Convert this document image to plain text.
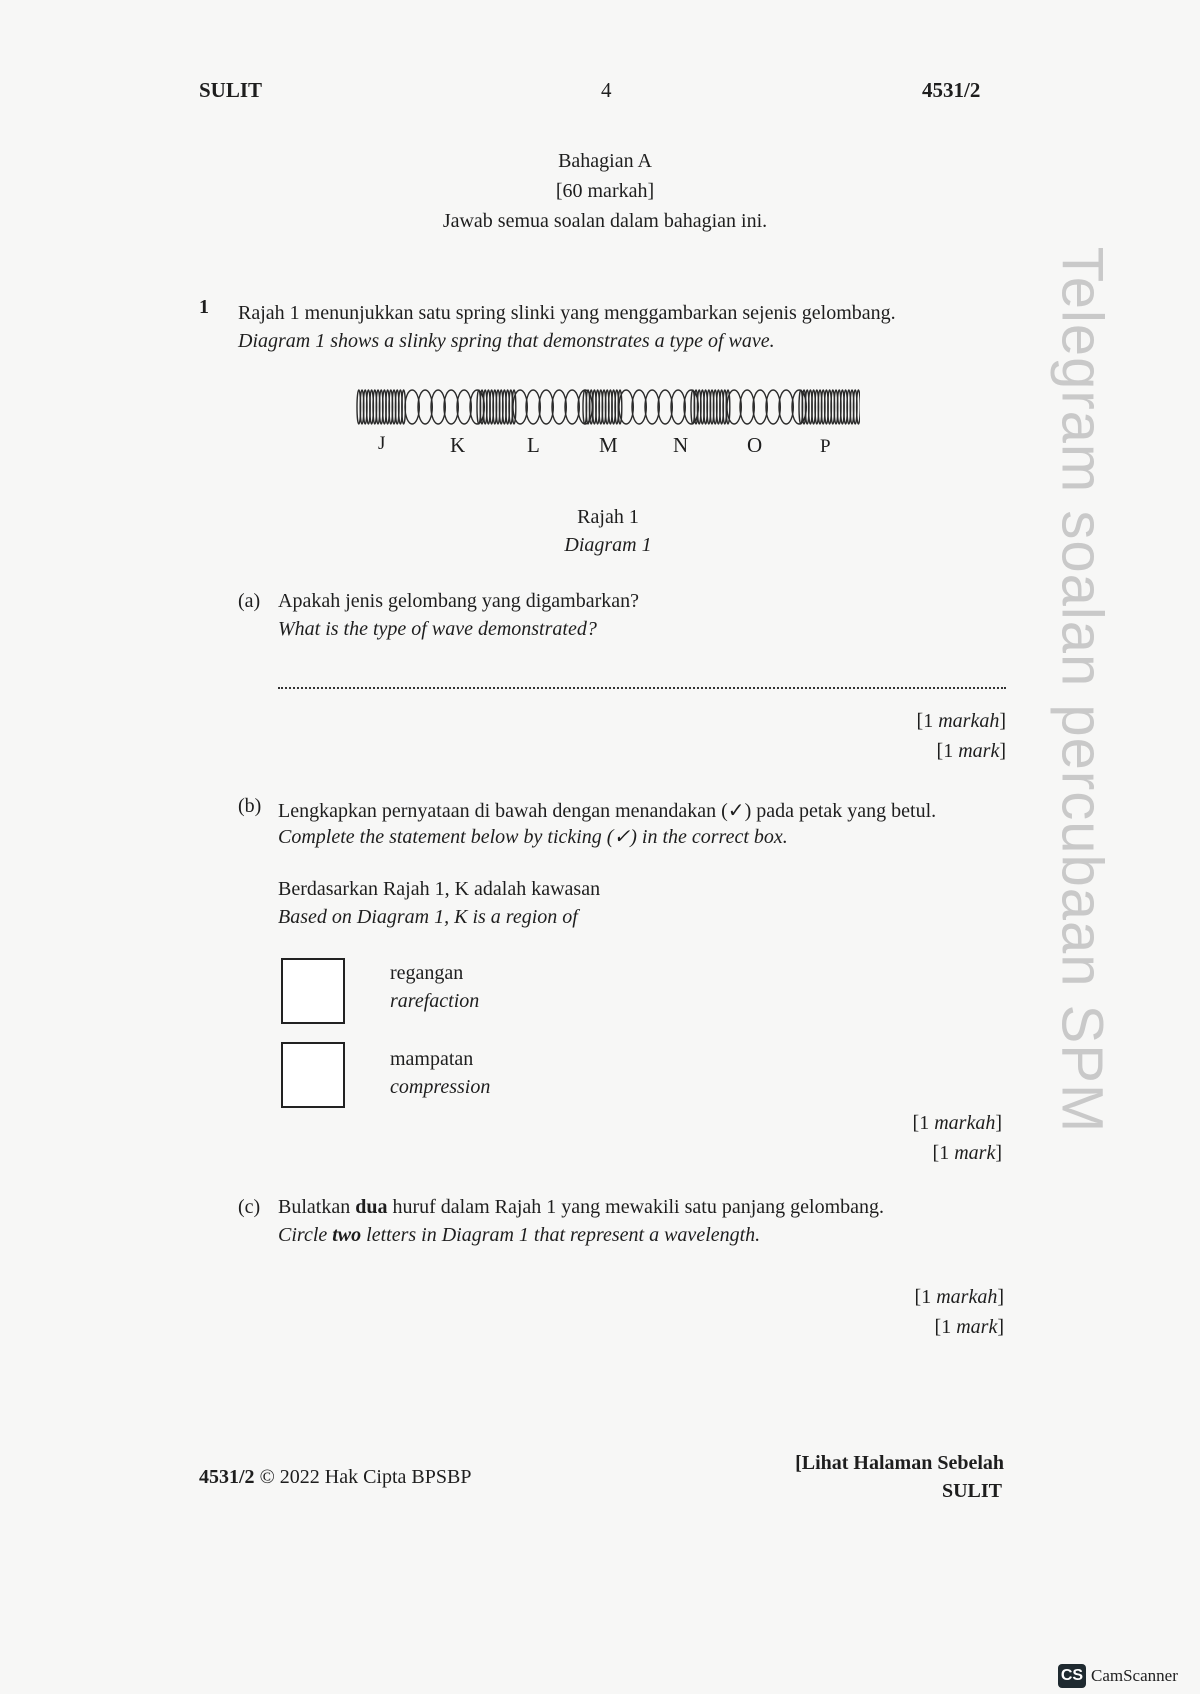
SULIT	4	4531/2
Bahagian A
[60 markah]
Jawab semua soalan dalam bahagian ini.
1 Rajah 1 menunjukkan satu spring slinki yang menggambarkan sejenis gelombang.
Diagram 1 shows a slinky spring that demonstrates a type of wave.
J	K	L	M	N	O	P
Rajah 1
Diagram 1
(a) Apakah jenis gelombang yang digambarkan?
What is the type of wave demonstrated?
[1 markah]
[1 mark]
(b) Lengkapkan pernyataan di bawah dengan menandakan (✓) pada petak yang betul.
Complete the statement below by ticking (✓) in the correct box.
Berdasarkan Rajah 1, K adalah kawasan
Based on Diagram 1, K is a region of
regangan
rarefaction
mampatan
compression
[1 markah]
[1 mark]
(c) Bulatkan dua huruf dalam Rajah 1 yang mewakili satu panjang gelombang.
Circle two letters in Diagram 1 that represent a wavelength.
[1 markah]
[1 mark]
4531/2 © 2022 Hak Cipta BPSBP
[Lihat Halaman Sebelah
SULIT
Telegram soalan percubaan SPM
CS CamScanner
